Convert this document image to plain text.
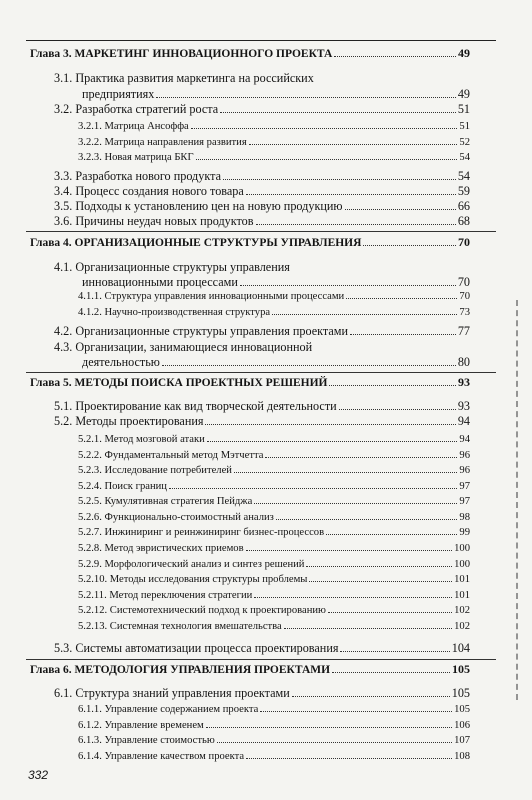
Глава 3. МАРКЕТИНГ ИННОВАЦИОННОГО ПРОЕКТА	49
3.1. Практика развития маркетинга на российских
предприятиях	49
3.2. Разработка стратегий роста	51
3.2.1. Матрица Ансоффа	51
3.2.2. Матрица направления развития	52
3.2.3. Новая матрица БКГ	54
3.3. Разработка нового продукта	54
3.4. Процесс создания нового товара	59
3.5. Подходы к установлению цен на новую продукцию	66
3.6. Причины неудач новых продуктов	68
Глава 4. ОРГАНИЗАЦИОННЫЕ СТРУКТУРЫ УПРАВЛЕНИЯ	70
4.1. Организационные структуры управления
инновационными процессами	70
4.1.1. Структура управления инновационными процессами	70
4.1.2. Научно-производственная структура	73
4.2. Организационные структуры управления проектами	77
4.3. Организации, занимающиеся инновационной
деятельностью	80
Глава 5. МЕТОДЫ ПОИСКА ПРОЕКТНЫХ РЕШЕНИЙ	93
5.1. Проектирование как вид творческой деятельности	93
5.2. Методы проектирования	94
5.2.1. Метод мозговой атаки	94
5.2.2. Фундаментальный метод Мэтчетта	96
5.2.3. Исследование потребителей	96
5.2.4. Поиск границ	97
5.2.5. Кумулятивная стратегия Пейджа	97
5.2.6. Функционально-стоимостный анализ	98
5.2.7. Инжиниринг и реинжиниринг бизнес-процессов	99
5.2.8. Метод эвристических приемов	100
5.2.9. Морфологический анализ и синтез решений	100
5.2.10. Методы исследования структуры проблемы	101
5.2.11. Метод переключения стратегии	101
5.2.12. Системотехнический подход к проектированию	102
5.2.13. Системная технология вмешательства	102
5.3. Системы автоматизации процесса проектирования	104
Глава 6. МЕТОДОЛОГИЯ УПРАВЛЕНИЯ ПРОЕКТАМИ	105
6.1. Структура знаний управления проектами	105
6.1.1. Управление содержанием проекта	105
6.1.2. Управление временем	106
6.1.3. Управление стоимостью	107
6.1.4. Управление качеством проекта	108
332
